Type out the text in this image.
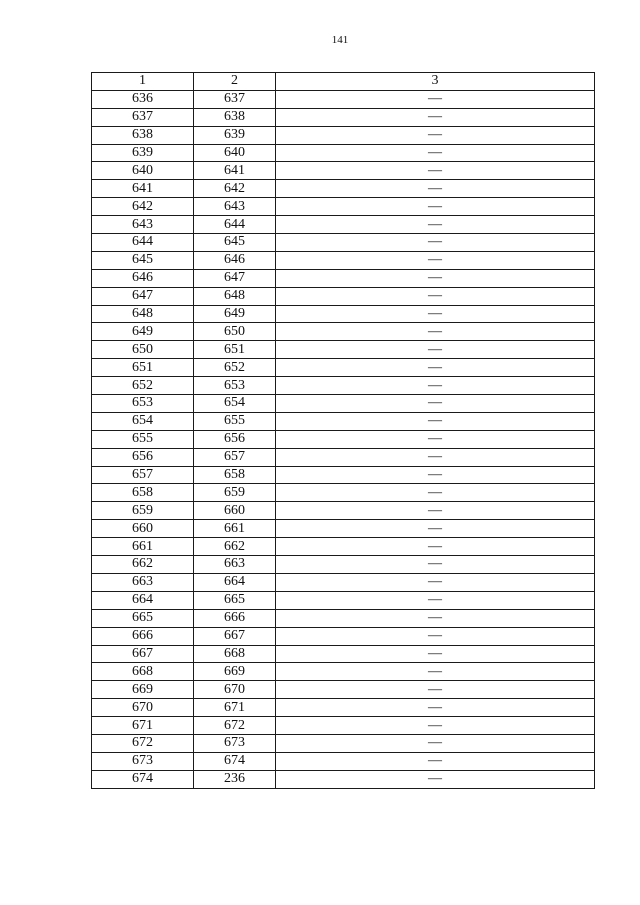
141
1	2	3
636	637	—
637	638	—
638	639	—
639	640	—
640	641	—
641	642	—
642	643	—
643	644	—
644	645	—
645	646	—
646	647	—
647	648	—
648	649	—
649	650	—
650	651	—
651	652	—
652	653	—
653	654	—
654	655	—
655	656	—
656	657	—
657	658	—
658	659	—
659	660	—
660	661	—
661	662	—
662	663	—
663	664	—
664	665	—
665	666	—
666	667	—
667	668	—
668	669	—
669	670	—
670	671	—
671	672	—
672	673	—
673	674	—
674	236	—
